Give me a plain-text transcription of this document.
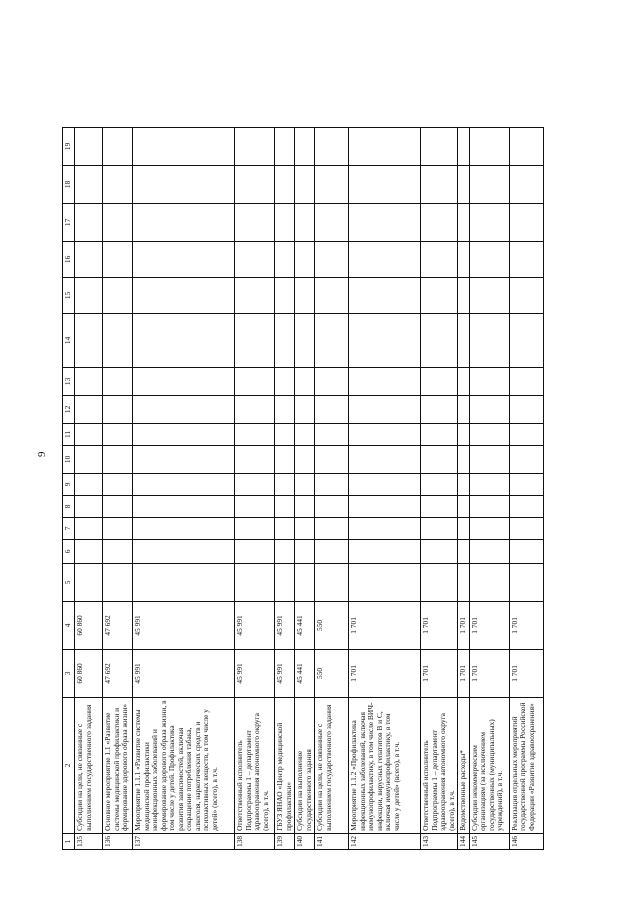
9
1	2	3	4	5	6	7	8	9	10	11	12	13	14	15	16	17	18	19
135	Субсидии на цели, не связанные с выполнением государственного задания	60 860	60 860															
136	Основное мероприятие 1.1 «Развитие системы медицинской профилактики и формирование здорового образа жизни»	47 692	47 692															
137	Мероприятие 1.1.1 «Развитие системы медицинской профилактики неинфекционных заболеваний и формирование здорового образа жизни, в том числе у детей. Профилактика развития зависимостей, включая сокращение потребления табака, алкоголя, наркотических средств и психоактивных веществ, в том числе у детей» (всего), в т.ч.	45 991	45 991															
138	Ответственный исполнитель Подпрограммы 1 – департамент здравоохранения автономного округа (всего), в т.ч.	45 991	45 991															
139	ГБУЗ ЯНАО «Центр медицинской профилактики»	45 991	45 991															
140	Субсидии на выполнение государственного задания	45 441	45 441															
141	Субсидии на цели, не связанные с выполнением государственного задания	550	550															
142	Мероприятие 1.1.2 «Профилактика инфекционных заболеваний, включая иммунопрофилактику, в том числе ВИЧ-инфекции, вирусных гепатитов В и С, включая иммунопрофилактику, в том числе у детей» (всего), в т.ч.	1 701	1 701															
143	Ответственный исполнитель Подпрограммы 1 – департамент здравоохранения автономного округа (всего), в т.ч.	1 701	1 701															
144	Ведомственные расходы*	1 701	1 701															
145	Субсидии некоммерческим организациям (за исключением государственных (муниципальных) учреждений), в т.ч.	1 701	1 701															
146	Реализация отдельных мероприятий государственной программы Российской Федерации «Развитие здравоохранения»	1 701	1 701															
